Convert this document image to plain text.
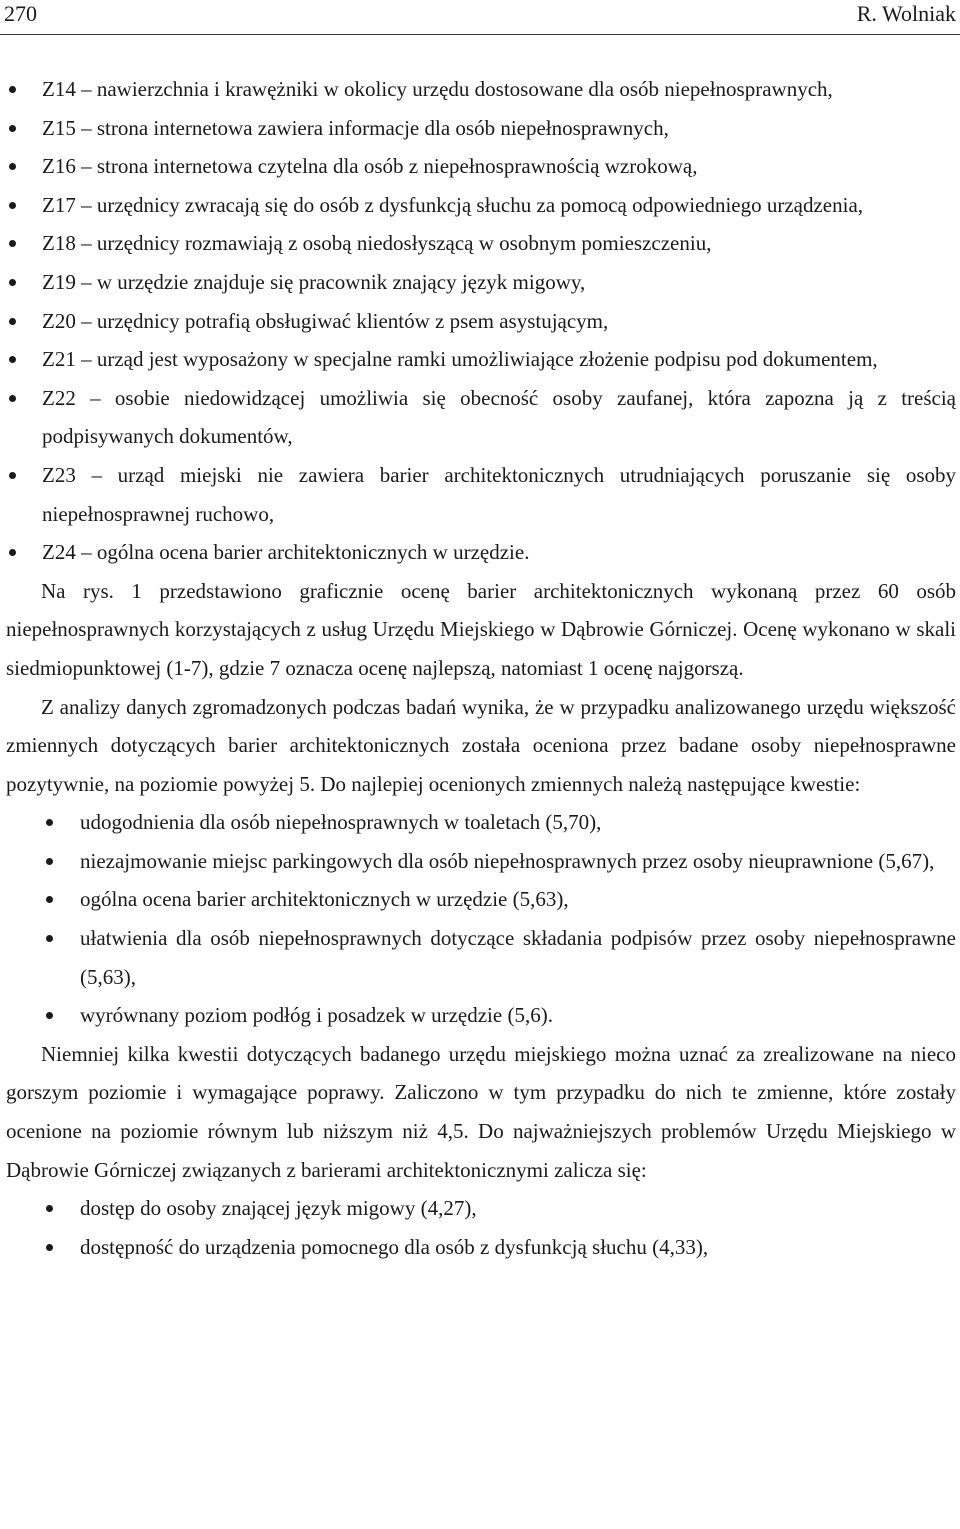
270	R. Wolniak
Z14 – nawierzchnia i krawężniki w okolicy urzędu dostosowane dla osób niepełnosprawnych,
Z15 – strona internetowa zawiera informacje dla osób niepełnosprawnych,
Z16 – strona internetowa czytelna dla osób z niepełnosprawnością wzrokową,
Z17 – urzędnicy zwracają się do osób z dysfunkcją słuchu za pomocą odpowiedniego urządzenia,
Z18 – urzędnicy rozmawiają z osobą niedosłyszącą w osobnym pomieszczeniu,
Z19 – w urzędzie znajduje się pracownik znający język migowy,
Z20 – urzędnicy potrafią obsługiwać klientów z psem asystującym,
Z21 – urząd jest wyposażony w specjalne ramki umożliwiające złożenie podpisu pod dokumentem,
Z22 – osobie niedowidzącej umożliwia się obecność osoby zaufanej, która zapozna ją z treścią podpisywanych dokumentów,
Z23 – urząd miejski nie zawiera barier architektonicznych utrudniających poruszanie się osoby niepełnosprawnej ruchowo,
Z24 – ogólna ocena barier architektonicznych w urzędzie.

Na rys. 1 przedstawiono graficznie ocenę barier architektonicznych wykonaną przez 60 osób niepełnosprawnych korzystających z usług Urzędu Miejskiego w Dąbrowie Górniczej. Ocenę wykonano w skali siedmiopunktowej (1-7), gdzie 7 oznacza ocenę najlepszą, natomiast 1 ocenę najgorszą.

Z analizy danych zgromadzonych podczas badań wynika, że w przypadku analizowanego urzędu większość zmiennych dotyczących barier architektonicznych została oceniona przez badane osoby niepełnosprawne pozytywnie, na poziomie powyżej 5. Do najlepiej ocenionych zmiennych należą następujące kwestie:

udogodnienia dla osób niepełnosprawnych w toaletach (5,70),
niezajmowanie miejsc parkingowych dla osób niepełnosprawnych przez osoby nieuprawnione (5,67),
ogólna ocena barier architektonicznych w urzędzie (5,63),
ułatwienia dla osób niepełnosprawnych dotyczące składania podpisów przez osoby niepełnosprawne (5,63),
wyrównany poziom podłóg i posadzek w urzędzie (5,6).

Niemniej kilka kwestii dotyczących badanego urzędu miejskiego można uznać za zrealizowane na nieco gorszym poziomie i wymagające poprawy. Zaliczono w tym przypadku do nich te zmienne, które zostały ocenione na poziomie równym lub niższym niż 4,5. Do najważniejszych problemów Urzędu Miejskiego w Dąbrowie Górniczej związanych z barierami architektonicznymi zalicza się:

dostęp do osoby znającej język migowy (4,27),
dostępność do urządzenia pomocnego dla osób z dysfunkcją słuchu (4,33),
